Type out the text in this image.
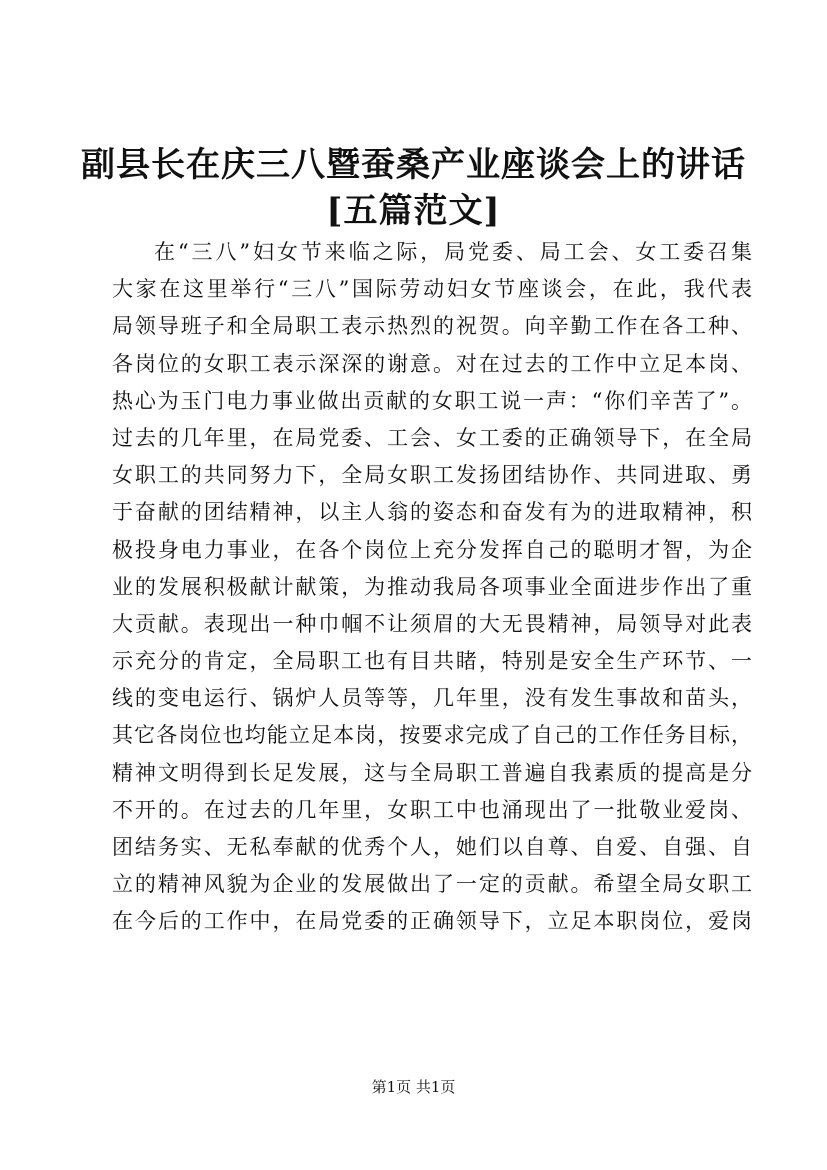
副县长在庆三八暨蚕桑产业座谈会上的讲话
[五篇范文]
在“三八”妇女节来临之际，局党委、局工会、女工委召集
大家在这里举行“三八”国际劳动妇女节座谈会，在此，我代表
局领导班子和全局职工表示热烈的祝贺。向辛勤工作在各工种、
各岗位的女职工表示深深的谢意。对在过去的工作中立足本岗、
热心为玉门电力事业做出贡献的女职工说一声：“你们辛苦了”。
过去的几年里，在局党委、工会、女工委的正确领导下，在全局
女职工的共同努力下，全局女职工发扬团结协作、共同进取、勇
于奋献的团结精神，以主人翁的姿态和奋发有为的进取精神，积
极投身电力事业，在各个岗位上充分发挥自己的聪明才智，为企
业的发展积极献计献策，为推动我局各项事业全面进步作出了重
大贡献。表现出一种巾帼不让须眉的大无畏精神，局领导对此表
示充分的肯定，全局职工也有目共睹，特别是安全生产环节、一
线的变电运行、锅炉人员等等，几年里，没有发生事故和苗头，
其它各岗位也均能立足本岗，按要求完成了自己的工作任务目标，
精神文明得到长足发展，这与全局职工普遍自我素质的提高是分
不开的。在过去的几年里，女职工中也涌现出了一批敬业爱岗、
团结务实、无私奉献的优秀个人，她们以自尊、自爱、自强、自
立的精神风貌为企业的发展做出了一定的贡献。希望全局女职工
在今后的工作中，在局党委的正确领导下，立足本职岗位，爱岗
第1页 共1页
